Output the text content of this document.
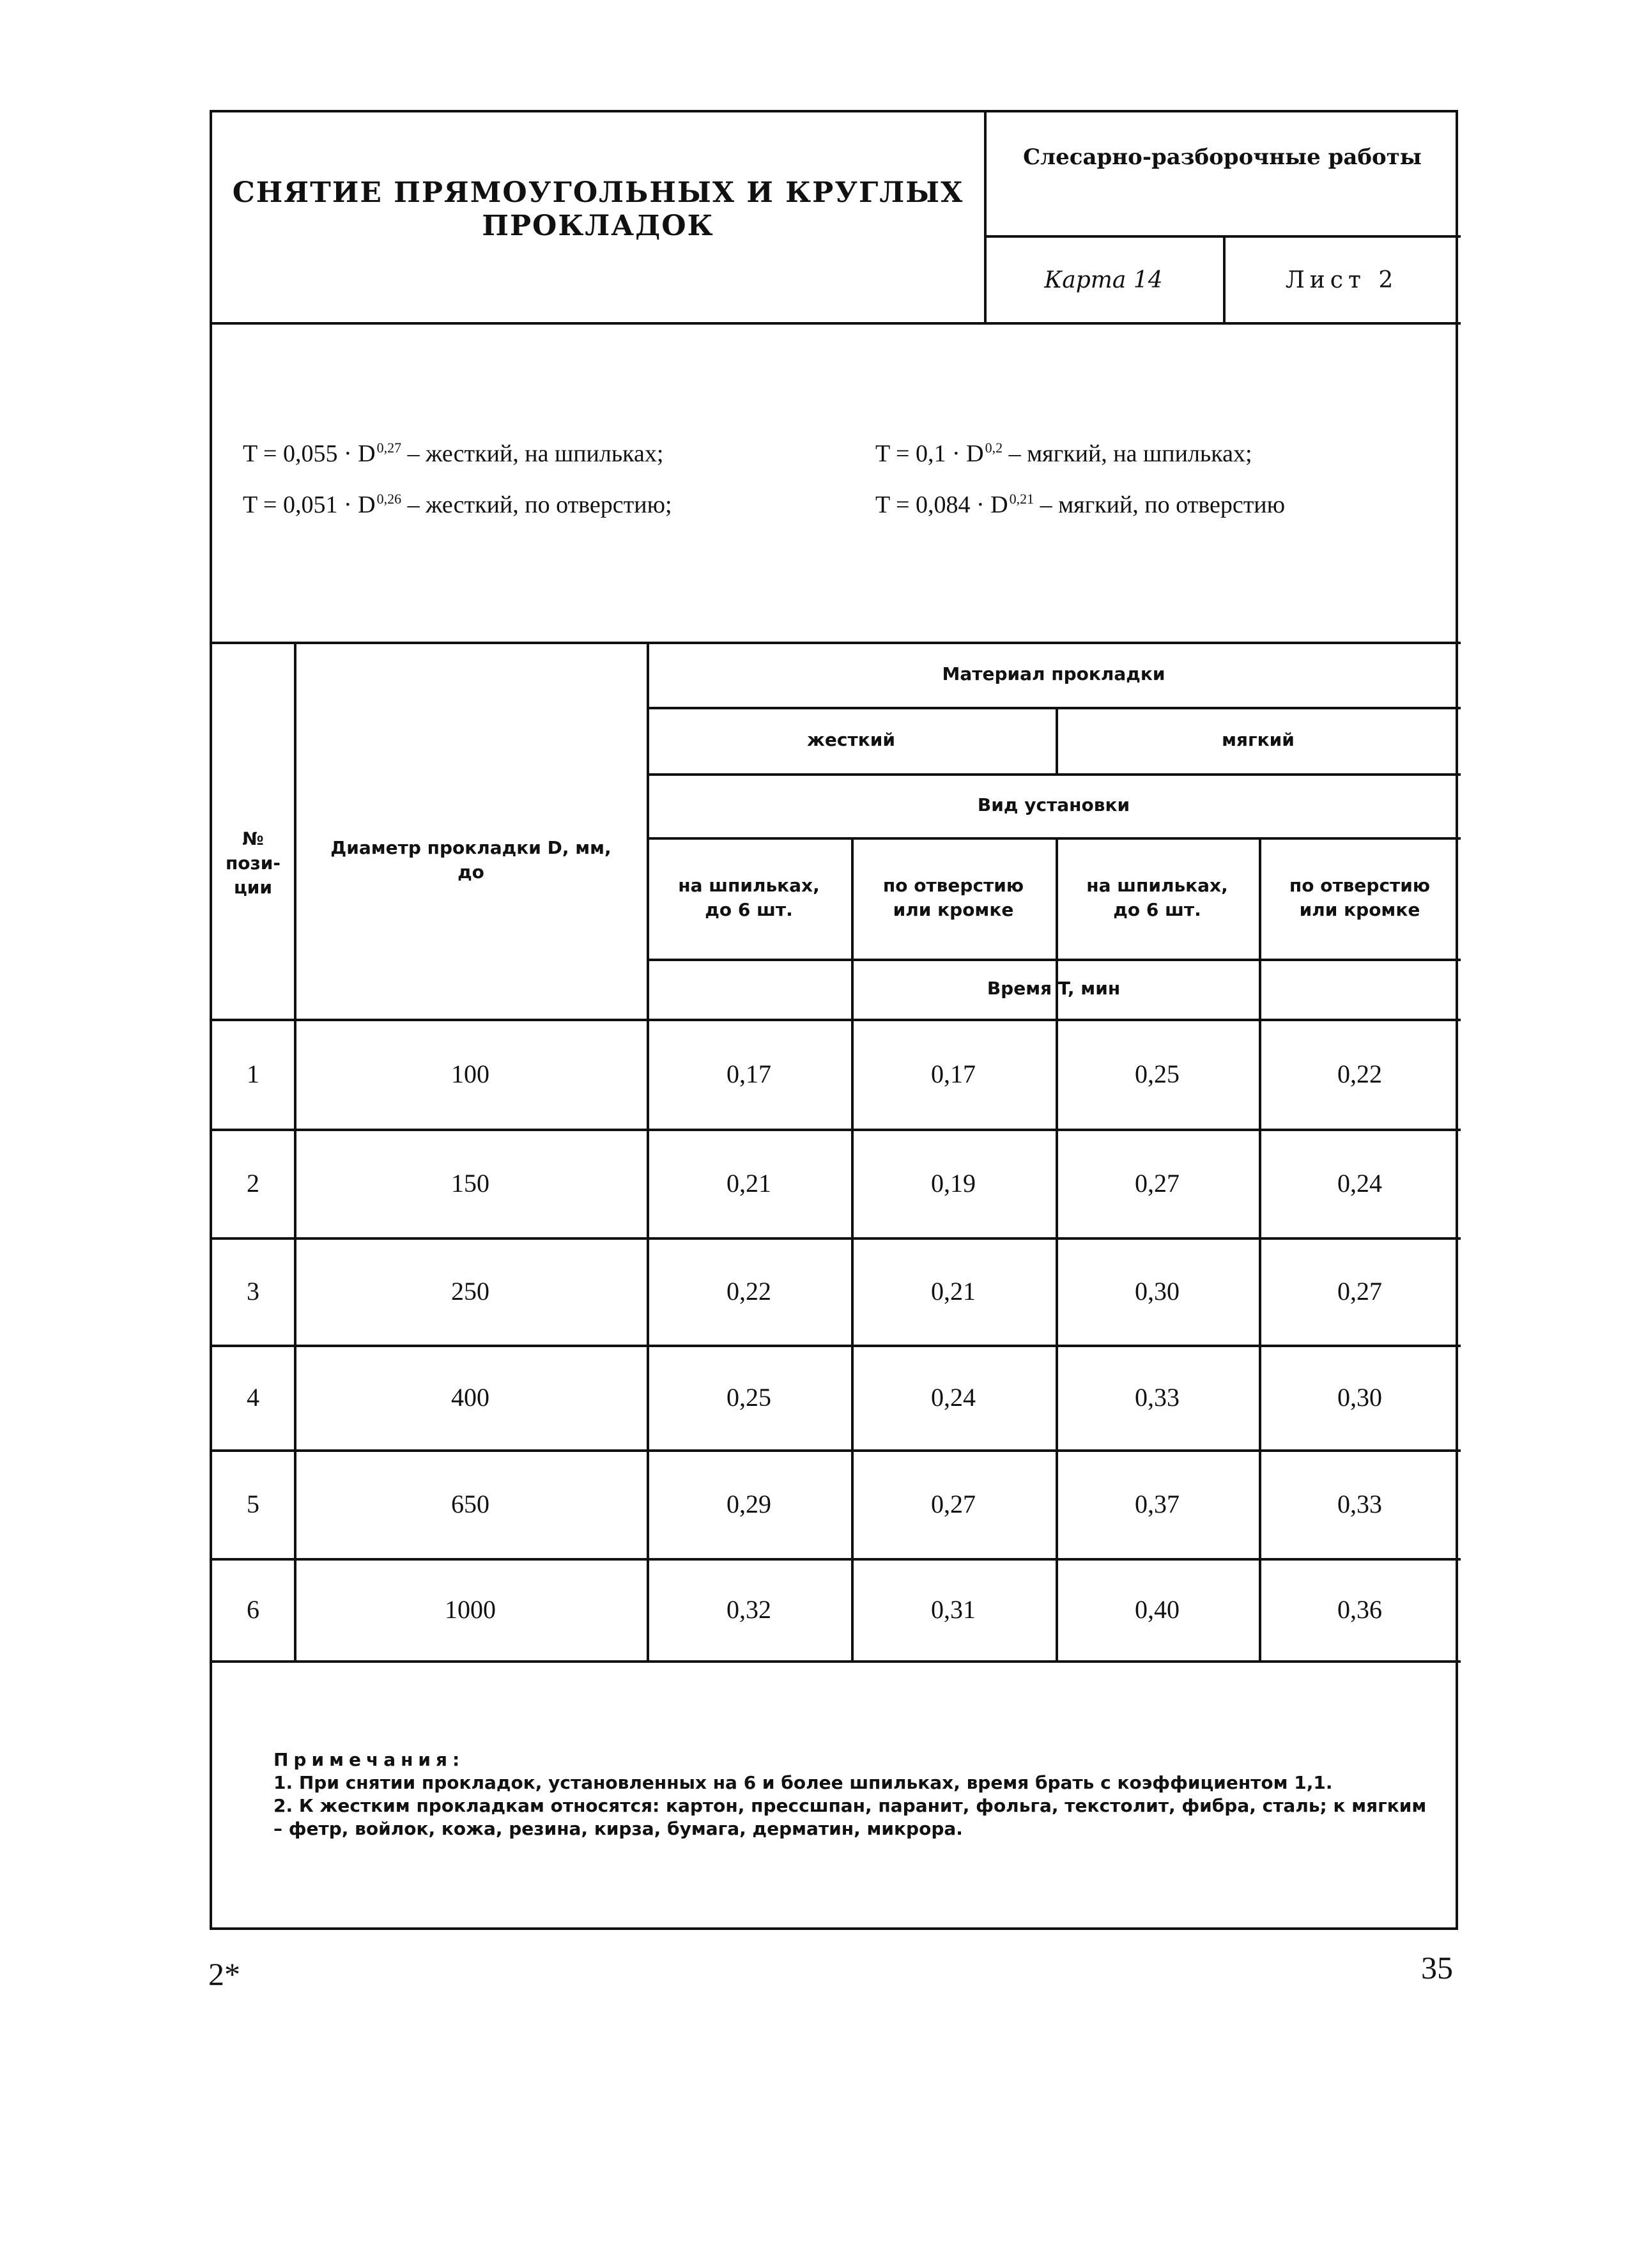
СНЯТИЕ ПРЯМОУГОЛЬНЫХ И КРУГЛЫХ ПРОКЛАДОК
Слесарно-разборочные работы
Карта 14	Лист 2
T = 0,055 · D$^{0,27}$ – жесткий, на шпильках;
T = 0,051 · D$^{0,26}$ – жесткий, по отверстию;
T = 0,1 · D$^{0,2}$ – мягкий, на шпильках;
T = 0,084 · D$^{0,21}$ – мягкий, по отверстию
№ пози- ции
Диаметр прокладки D, мм, до
Материал прокладки
жесткий	мягкий
Вид установки
на шпильках, до 6 шт.
по отверстию или кромке
на шпильках, до 6 шт.
по отверстию или кромке
Время T, мин
1	100	0,17	0,17	0,25	0,22
2	150	0,21	0,19	0,27	0,24
3	250	0,22	0,21	0,30	0,27
4	400	0,25	0,24	0,33	0,30
5	650	0,29	0,27	0,37	0,33
6	1000	0,32	0,31	0,40	0,36
Примечания:
1. При снятии прокладок, установленных на 6 и более шпильках, время брать с коэффициентом 1,1.
2. К жестким прокладкам относятся: картон, прессшпан, паранит, фольга, текстолит, фибра, сталь; к мягким – фетр, войлок, кожа, резина, кирза, бумага, дерматин, микрора.
2*	35
